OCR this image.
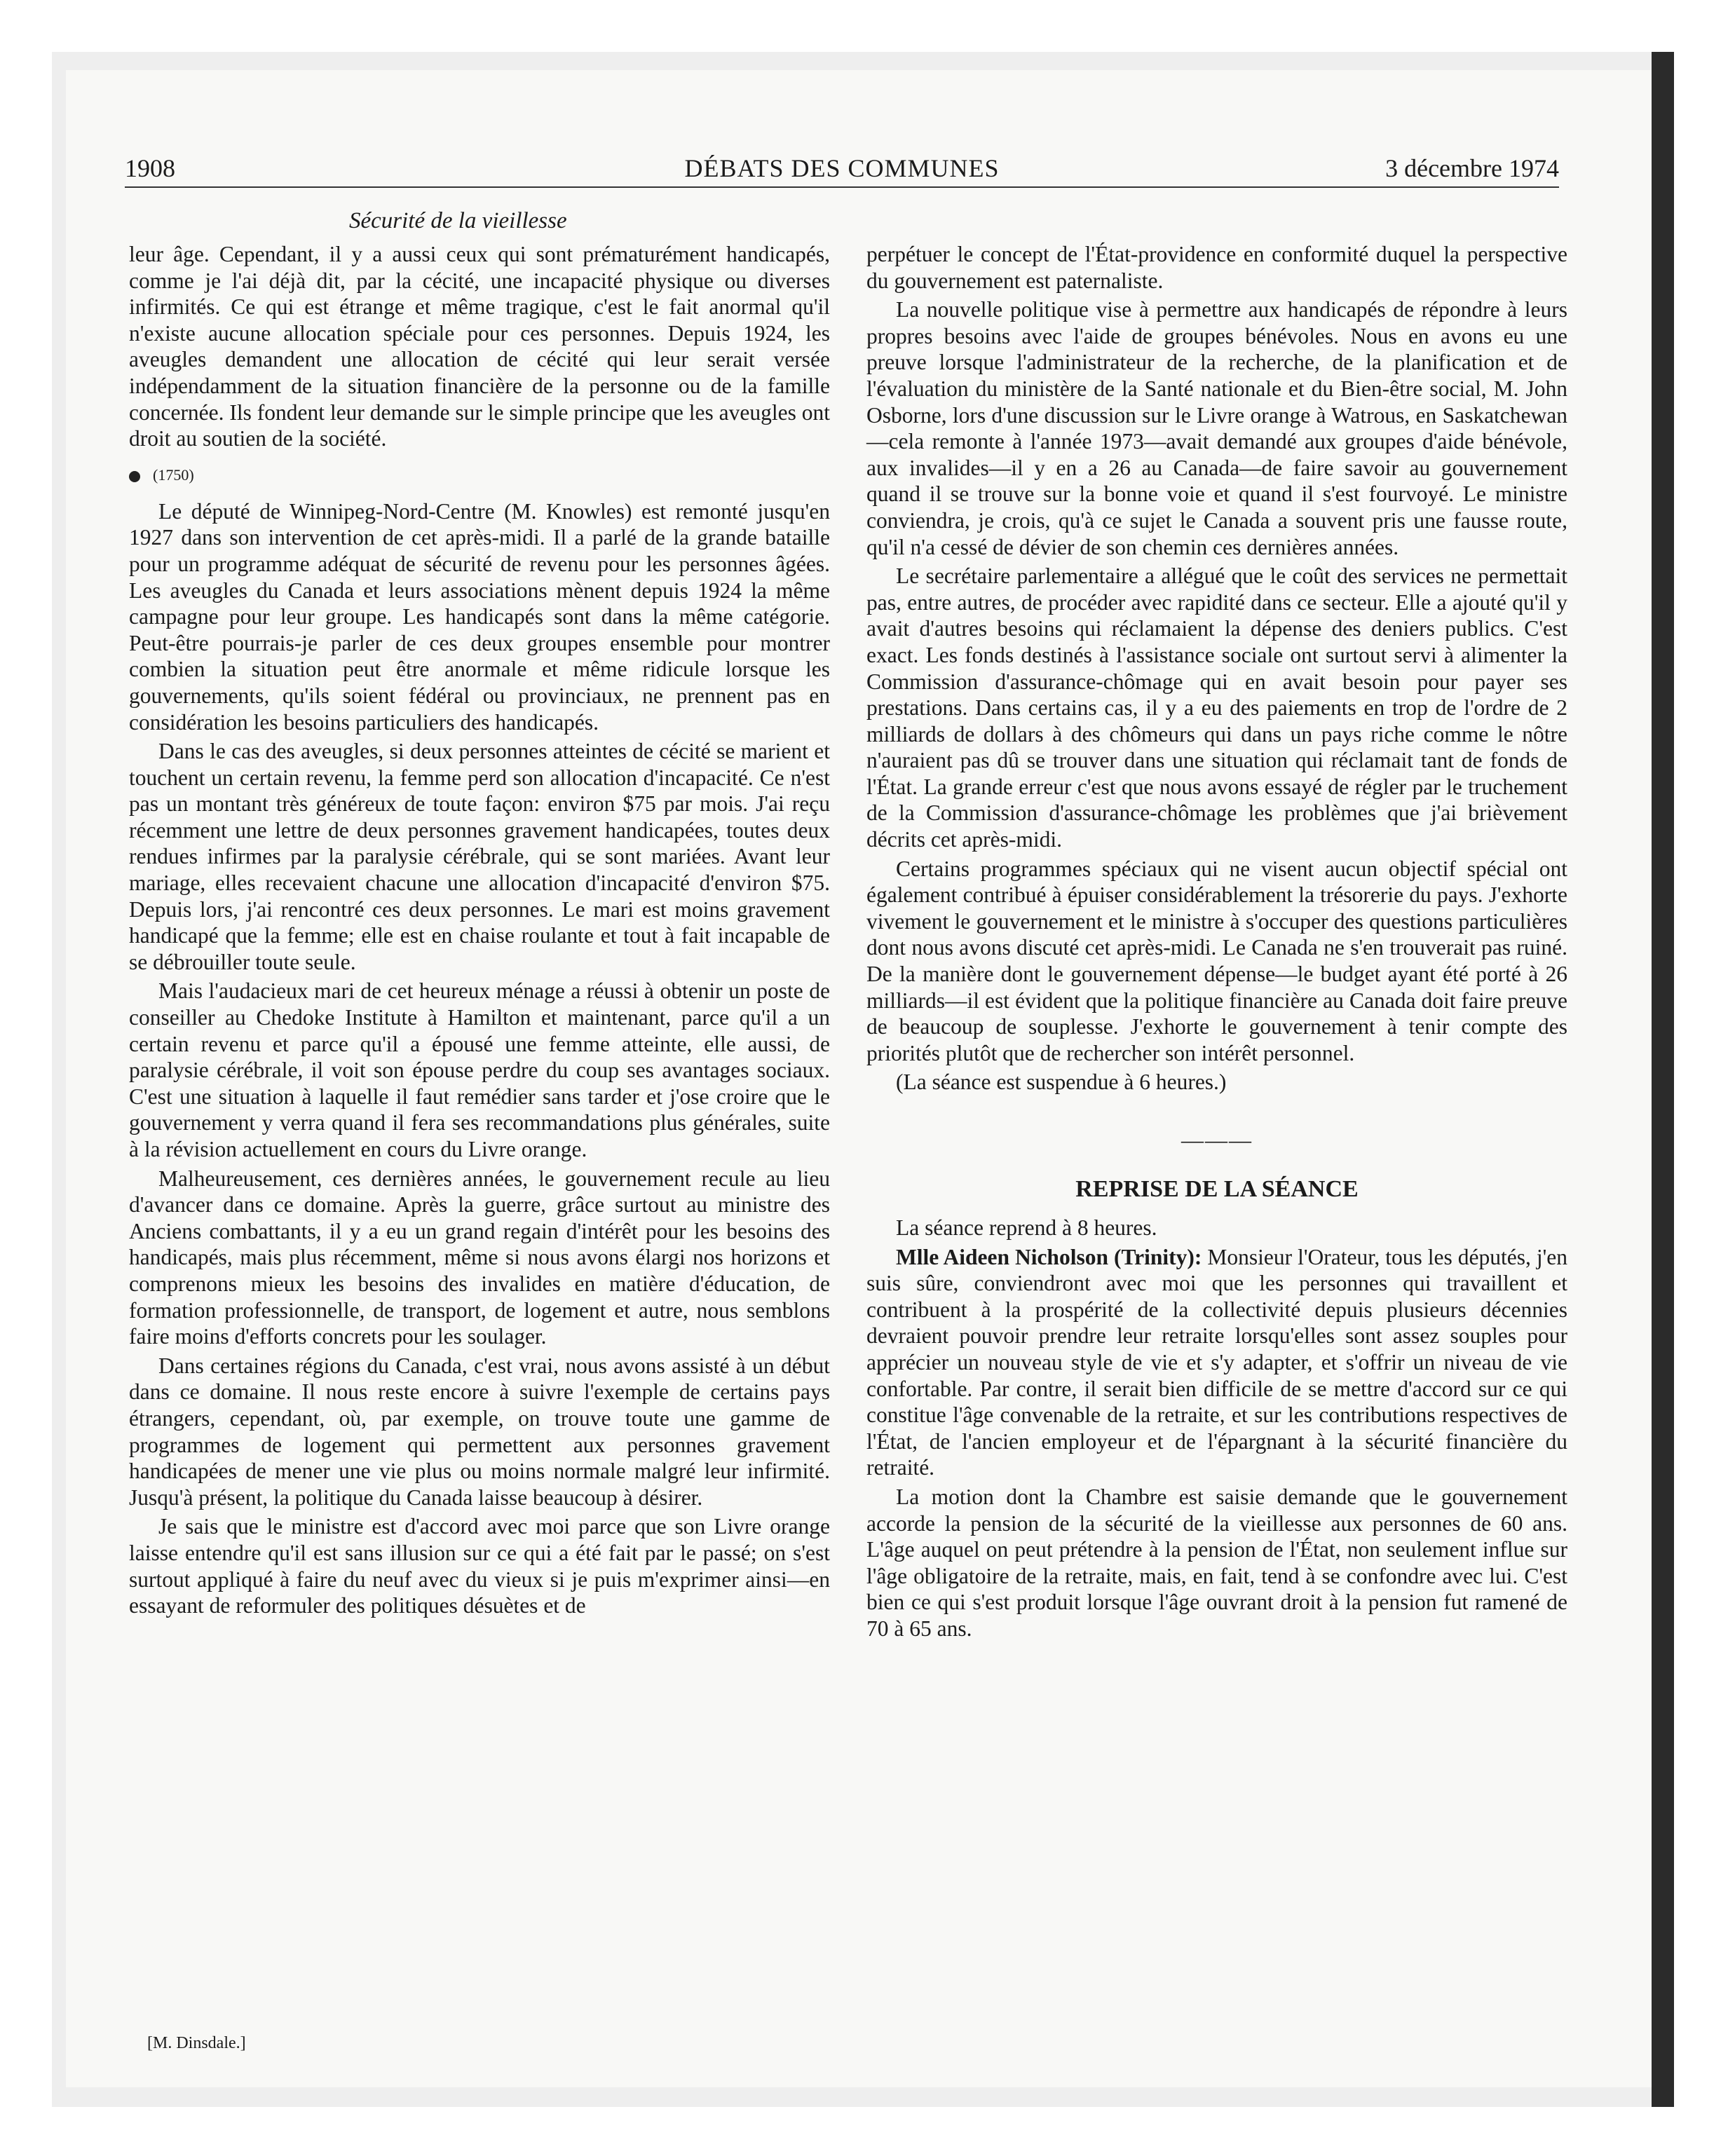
1908	DÉBATS DES COMMUNES	3 décembre 1974
Sécurité de la vieillesse

leur âge. Cependant, il y a aussi ceux qui sont prématurément handicapés, comme je l'ai déjà dit, par la cécité, une incapacité physique ou diverses infirmités. Ce qui est étrange et même tragique, c'est le fait anormal qu'il n'existe aucune allocation spéciale pour ces personnes. Depuis 1924, les aveugles demandent une allocation de cécité qui leur serait versée indépendamment de la situation financière de la personne ou de la famille concernée. Ils fondent leur demande sur le simple principe que les aveugles ont droit au soutien de la société.

(1750)

Le député de Winnipeg-Nord-Centre (M. Knowles) est remonté jusqu'en 1927 dans son intervention de cet après-midi. Il a parlé de la grande bataille pour un programme adéquat de sécurité de revenu pour les personnes âgées. Les aveugles du Canada et leurs associations mènent depuis 1924 la même campagne pour leur groupe. Les handicapés sont dans la même catégorie. Peut-être pourrais-je parler de ces deux groupes ensemble pour montrer combien la situation peut être anormale et même ridicule lorsque les gouvernements, qu'ils soient fédéral ou provinciaux, ne prennent pas en considération les besoins particuliers des handicapés.

Dans le cas des aveugles, si deux personnes atteintes de cécité se marient et touchent un certain revenu, la femme perd son allocation d'incapacité. Ce n'est pas un montant très généreux de toute façon: environ $75 par mois. J'ai reçu récemment une lettre de deux personnes gravement handicapées, toutes deux rendues infirmes par la paralysie cérébrale, qui se sont mariées. Avant leur mariage, elles recevaient chacune une allocation d'incapacité d'environ $75. Depuis lors, j'ai rencontré ces deux personnes. Le mari est moins gravement handicapé que la femme; elle est en chaise roulante et tout à fait incapable de se débrouiller toute seule.

Mais l'audacieux mari de cet heureux ménage a réussi à obtenir un poste de conseiller au Chedoke Institute à Hamilton et maintenant, parce qu'il a un certain revenu et parce qu'il a épousé une femme atteinte, elle aussi, de paralysie cérébrale, il voit son épouse perdre du coup ses avantages sociaux. C'est une situation à laquelle il faut remédier sans tarder et j'ose croire que le gouvernement y verra quand il fera ses recommandations plus générales, suite à la révision actuellement en cours du Livre orange.

Malheureusement, ces dernières années, le gouvernement recule au lieu d'avancer dans ce domaine. Après la guerre, grâce surtout au ministre des Anciens combattants, il y a eu un grand regain d'intérêt pour les besoins des handicapés, mais plus récemment, même si nous avons élargi nos horizons et comprenons mieux les besoins des invalides en matière d'éducation, de formation professionnelle, de transport, de logement et autre, nous semblons faire moins d'efforts concrets pour les soulager.

Dans certaines régions du Canada, c'est vrai, nous avons assisté à un début dans ce domaine. Il nous reste encore à suivre l'exemple de certains pays étrangers, cependant, où, par exemple, on trouve toute une gamme de programmes de logement qui permettent aux personnes gravement handicapées de mener une vie plus ou moins normale malgré leur infirmité. Jusqu'à présent, la politique du Canada laisse beaucoup à désirer.

Je sais que le ministre est d'accord avec moi parce que son Livre orange laisse entendre qu'il est sans illusion sur ce qui a été fait par le passé; on s'est surtout appliqué à faire du neuf avec du vieux si je puis m'exprimer ainsi—en essayant de reformuler des politiques désuètes et de

perpétuer le concept de l'État-providence en conformité duquel la perspective du gouvernement est paternaliste.

La nouvelle politique vise à permettre aux handicapés de répondre à leurs propres besoins avec l'aide de groupes bénévoles. Nous en avons eu une preuve lorsque l'administrateur de la recherche, de la planification et de l'évaluation du ministère de la Santé nationale et du Bien-être social, M. John Osborne, lors d'une discussion sur le Livre orange à Watrous, en Saskatchewan—cela remonte à l'année 1973—avait demandé aux groupes d'aide bénévole, aux invalides—il y en a 26 au Canada—de faire savoir au gouvernement quand il se trouve sur la bonne voie et quand il s'est fourvoyé. Le ministre conviendra, je crois, qu'à ce sujet le Canada a souvent pris une fausse route, qu'il n'a cessé de dévier de son chemin ces dernières années.

Le secrétaire parlementaire a allégué que le coût des services ne permettait pas, entre autres, de procéder avec rapidité dans ce secteur. Elle a ajouté qu'il y avait d'autres besoins qui réclamaient la dépense des deniers publics. C'est exact. Les fonds destinés à l'assistance sociale ont surtout servi à alimenter la Commission d'assurance-chômage qui en avait besoin pour payer ses prestations. Dans certains cas, il y a eu des paiements en trop de l'ordre de 2 milliards de dollars à des chômeurs qui dans un pays riche comme le nôtre n'auraient pas dû se trouver dans une situation qui réclamait tant de fonds de l'État. La grande erreur c'est que nous avons essayé de régler par le truchement de la Commission d'assurance-chômage les problèmes que j'ai brièvement décrits cet après-midi.

Certains programmes spéciaux qui ne visent aucun objectif spécial ont également contribué à épuiser considérablement la trésorerie du pays. J'exhorte vivement le gouvernement et le ministre à s'occuper des questions particulières dont nous avons discuté cet après-midi. Le Canada ne s'en trouverait pas ruiné. De la manière dont le gouvernement dépense—le budget ayant été porté à 26 milliards—il est évident que la politique financière au Canada doit faire preuve de beaucoup de souplesse. J'exhorte le gouvernement à tenir compte des priorités plutôt que de rechercher son intérêt personnel.

(La séance est suspendue à 6 heures.)

———
REPRISE DE LA SÉANCE

La séance reprend à 8 heures.

Mlle Aideen Nicholson (Trinity): Monsieur l'Orateur, tous les députés, j'en suis sûre, conviendront avec moi que les personnes qui travaillent et contribuent à la prospérité de la collectivité depuis plusieurs décennies devraient pouvoir prendre leur retraite lorsqu'elles sont assez souples pour apprécier un nouveau style de vie et s'y adapter, et s'offrir un niveau de vie confortable. Par contre, il serait bien difficile de se mettre d'accord sur ce qui constitue l'âge convenable de la retraite, et sur les contributions respectives de l'État, de l'ancien employeur et de l'épargnant à la sécurité financière du retraité.

La motion dont la Chambre est saisie demande que le gouvernement accorde la pension de la sécurité de la vieillesse aux personnes de 60 ans. L'âge auquel on peut prétendre à la pension de l'État, non seulement influe sur l'âge obligatoire de la retraite, mais, en fait, tend à se confondre avec lui. C'est bien ce qui s'est produit lorsque l'âge ouvrant droit à la pension fut ramené de 70 à 65 ans.

[M. Dinsdale.]
